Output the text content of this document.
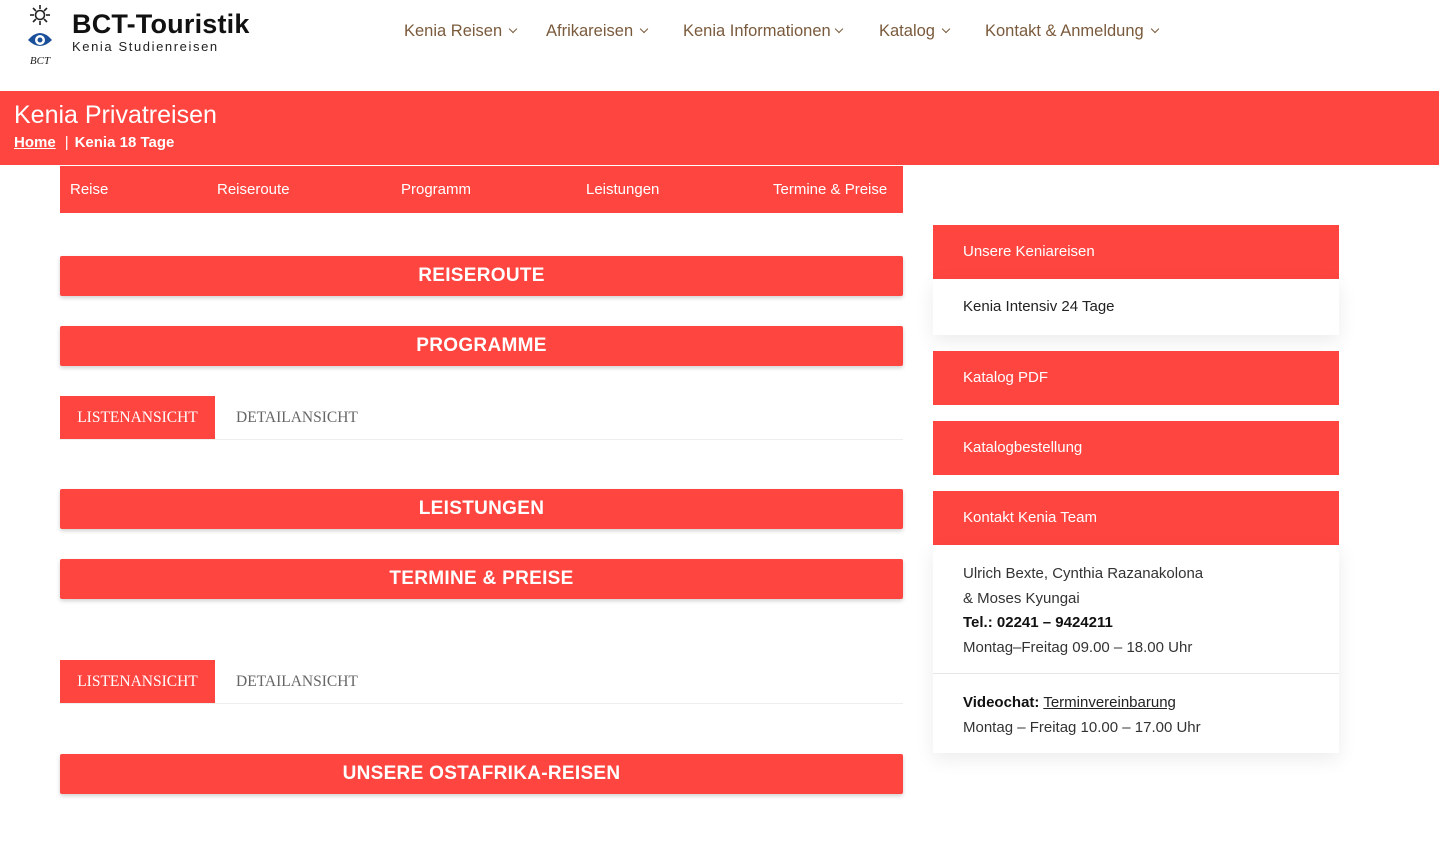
BCT
BCT-Touristik
Kenia Studienreisen
Kenia Reisen	Afrikareisen	Kenia Informationen	Katalog	Kontakt & Anmeldung
Kenia Privatreisen
Home | Kenia 18 Tage
Reise	Reiseroute	Programm	Leistungen	Termine & Preise
REISEROUTE
PROGRAMME
LISTENANSICHT	DETAILANSICHT
LEISTUNGEN
TERMINE & PREISE
LISTENANSICHT	DETAILANSICHT
UNSERE OSTAFRIKA-REISEN
Unsere Keniareisen
Kenia Intensiv 24 Tage
Katalog PDF
Katalogbestellung
Kontakt Kenia Team
Ulrich Bexte, Cynthia Razanakolona
& Moses Kyungai
Tel.: 02241 – 9424211
Montag–Freitag 09.00 – 18.00 Uhr
Videochat: Terminvereinbarung
Montag – Freitag 10.00 – 17.00 Uhr
